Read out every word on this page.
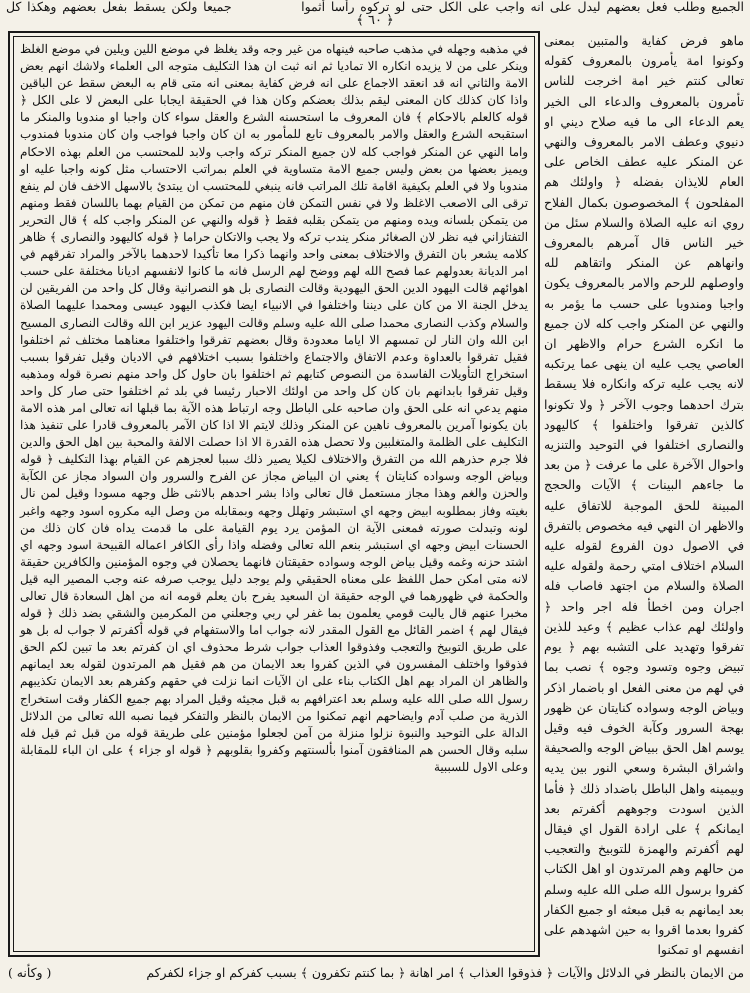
الجميع وطلب فعل بعضهم ليدل على انه واجب على الكل حتى لو تركوه رأسا أثموا            جميعا ولكن يسقط بفعل بعضهم وهكذا كل
﴿ ٦٠ ﴾

في مذهبه وجهله في مذهب صاحبه فينهاه من غير وجه وقد يغلظ في موضع اللين ويلين في موضع الغلظ وينكر على من لا يزيده انكاره الا تماديا ثم انه ثبت ان هذا التكليف متوجه الى العلماء ولاشك انهم بعض الامة والثاني انه قد انعقد الاجماع على انه فرض كفاية بمعنى انه متى قام به البعض سقط عن الباقين واذا كان كذلك كان المعنى ليقم بذلك بعضكم وكان هذا في الحقيقة ايجابا على البعض لا على الكل ﴿ قوله كالعلم بالاحكام ﴾ فان المعروف ما استحسنه الشرع والعقل سواء كان واجبا او مندوبا والمنكر ما استقبحه الشرع والعقل والامر بالمعروف تابع للمأمور به ان كان واجبا فواجب وان كان مندوبا فمندوب واما النهي عن المنكر فواجب كله لان جميع المنكر تركه واجب ولابد للمحتسب من العلم بهذه الاحكام ويميز بعضها من بعض وليس جميع الامة متساوية في العلم بمراتب الاحتساب مثل كونه واجبا عليه او مندوبا ولا في العلم بكيفية اقامة تلك المراتب فانه ينبغي للمحتسب ان يبتدئ بالاسهل الاخف فان لم ينفع ترقى الى الاصعب الاغلظ ولا في نفس التمكن فان منهم من تمكن من القيام بهما باللسان فقط ومنهم من يتمكن بلسانه ويده ومنهم من يتمكن بقلبه فقط ﴿ قوله والنهي عن المنكر واجب كله ﴾ قال التحرير التفتازاني فيه نظر لان الصغائر منكر يندب تركه ولا يجب والاتكان حراما ﴿ قوله كاليهود والنصارى ﴾ ظاهر كلامه يشعر بان التفرق والاختلاف بمعنى واحد وانهما ذكرا معا تأكيدا لاحدهما بالآخر والمراد تفرقهم في امر الديانة بعدولهم عما فصح الله لهم ووضح لهم الرسل فانه ما كانوا لانفسهم اديانا مختلفة على حسب اهوائهم قالت اليهود الدين الحق اليهودية وقالت النصارى بل هو النصرانية وقال كل واحد من الفريقين لن يدخل الجنة الا من كان على ديننا واختلفوا في الانبياء ايضا فكذب اليهود عيسى ومحمدا عليهما الصلاة والسلام وكذب النصارى محمدا صلى الله عليه وسلم وقالت اليهود عزير ابن الله وقالت النصارى المسيح ابن الله وان النار لن تمسهم الا اياما معدودة وقال بعضهم تفرقوا واختلفوا معناهما مختلف ثم اختلفوا فقيل تفرقوا بالعداوة وعدم الاتفاق والاجتماع واختلفوا بسبب اختلافهم في الاديان وقيل تفرقوا بسبب استخراج التأويلات الفاسدة من النصوص كتابهم ثم اختلفوا بان حاول كل واحد منهم نصرة قوله ومذهبه وقيل تفرقوا بابدانهم بان كان كل واحد من اولئك الاحبار رئيسا في بلد ثم اختلفوا حتى صار كل واحد منهم يدعي انه على الحق وان صاحبه على الباطل وجه ارتباط هذه الآية بما قبلها انه تعالى امر هذه الامة بان يكونوا آمرين بالمعروف ناهين عن المنكر وذلك لايتم الا اذا كان الآمر بالمعروف قادرا على تنفيذ هذا التكليف على الظلمة والمتغلبين ولا تحصل هذه القدرة الا اذا حصلت الالفة والمحبة بين اهل الحق والدين فلا جرم حذرهم الله من التفرق والاختلاف لكيلا يصير ذلك سببا لعجزهم عن القيام بهذا التكليف ﴿ قوله وبياض الوجه وسواده كنايتان ﴾ يعني ان البياض مجاز عن الفرح والسرور وان السواد مجاز عن الكآبة والحزن والغم وهذا مجاز مستعمل قال تعالى واذا بشر احدهم بالانثى ظل وجهه مسودا وقيل لمن نال بغيته وفاز بمطلوبه ابيض وجهه اي استبشر وتهلل وجهه وبمقابله من وصل اليه مكروه اسود وجهه واغبر لونه وتبدلت صورته فمعنى الآية ان المؤمن يرد يوم القيامة على ما قدمت يداه فان كان ذلك من الحسنات ابيض وجهه اي استبشر بنعم الله تعالى وفضله واذا رأى الكافر اعماله القبيحة اسود وجهه اي اشتد حزنه وغمه وقيل بياض الوجه وسواده حقيقتان فانهما يحصلان في وجوه المؤمنين والكافرين حقيقة لانه متى امكن حمل اللفظ على معناه الحقيقي ولم يوجد دليل يوجب صرفه عنه وجب المصير اليه قيل والحكمة في ظهورهما في الوجه حقيقة ان السعيد يفرح بان يعلم قومه انه من اهل السعادة قال تعالى مخبرا عنهم قال ياليت قومي يعلمون بما غفر لي ربي وجعلني من المكرمين والشقي بضد ذلك ﴿ قوله فيقال لهم ﴾ اضمر القائل مع القول المقدر لانه جواب اما والاستفهام في قوله أكفرتم لا جواب له بل هو على طريق التوبيخ والتعجب وفذوقوا العذاب جواب شرط محذوف اي ان كفرتم بعد ما تبين لكم الحق فذوقوا واختلف المفسرون في الذين كفروا بعد الايمان من هم فقيل هم المرتدون لقوله بعد ايمانهم والظاهر ان المراد بهم اهل الكتاب بناء على ان الآيات انما نزلت في حقهم وكفرهم بعد الايمان تكذيبهم رسول الله صلى الله عليه وسلم بعد اعترافهم به قبل مجيئه وقيل المراد بهم جميع الكفار وقت استخراج الذرية من صلب آدم وايضاحهم انهم تمكنوا من الايمان بالنظر والتفكر فيما نصبه الله تعالى من الدلائل الدالة على التوحيد والنبوة نزلوا منزلة من آمن لجعلوا مؤمنين على طريقة قوله من قبل ثم قيل فله سلبه وقال الحسن هم المنافقون آمنوا بألسنتهم وكفروا بقلوبهم ﴿ قوله او جزاء ﴾ على ان الباء للمقابلة وعلى الاول للسببية

ماهو فرض كفاية والمتبين بمعنى وكونوا امة يأمرون بالمعروف كقوله تعالى كنتم خير امة اخرجت للناس تأمرون بالمعروف والدعاء الى الخير يعم الدعاء الى ما فيه صلاح ديني او دنيوي وعطف الامر بالمعروف والنهي عن المنكر عليه عطف الخاص على العام للايذان بفضله ﴿ واولئك هم المفلحون ﴾ المخصوصون بكمال الفلاح روي انه عليه الصلاة والسلام سئل من خير الناس قال آمرهم بالمعروف وانهاهم عن المنكر واتقاهم لله واوصلهم للرحم والامر بالمعروف يكون واجبا ومندوبا على حسب ما يؤمر به والنهي عن المنكر واجب كله لان جميع ما انكره الشرع حرام والاظهر ان العاصي يجب عليه ان ينهى عما يرتكبه لانه يجب عليه تركه وانكاره فلا يسقط بترك احدهما وجوب الآخر ﴿ ولا تكونوا كالذين تفرقوا واختلفوا ﴾ كاليهود والنصارى اختلفوا في التوحيد والتنزيه واحوال الآخرة على ما عرفت ﴿ من بعد ما جاءهم البينات ﴾ الآيات والحجج المبينة للحق الموجبة للاتفاق عليه والاظهر ان النهي فيه مخصوص بالتفرق في الاصول دون الفروع لقوله عليه السلام اختلاف امتي رحمة ولقوله عليه الصلاة والسلام من اجتهد فاصاب فله اجران ومن اخطأ فله اجر واحد ﴿ واولئك لهم عذاب عظيم ﴾ وعيد للذين تفرقوا وتهديد على التشبه بهم ﴿ يوم تبيض وجوه وتسود وجوه ﴾ نصب بما في لهم من معنى الفعل او باضمار اذكر وبياض الوجه وسواده كنايتان عن ظهور بهجة السرور وكآبة الخوف فيه وقيل يوسم اهل الحق ببياض الوجه والصحيفة واشراق البشرة وسعي النور بين يديه وبيمينه واهل الباطل باضداد ذلك ﴿ فأما الذين اسودت وجوههم أكفرتم بعد ايمانكم ﴾ على ارادة القول اي فيقال لهم أكفرتم والهمزة للتوبيخ والتعجيب من حالهم وهم المرتدون او اهل الكتاب كفروا برسول الله صلى الله عليه وسلم بعد ايمانهم به قبل مبعثه او جميع الكفار كفروا بعدما اقروا به حين اشهدهم على انفسهم او تمكنوا

من الايمان بالنظر في الدلائل والآيات ﴿ فذوقوا العذاب ﴾ امر اهانة ﴿ بما كنتم تكفرون ﴾ بسبب كفركم او جزاء لكفركم
( وكأنه )
